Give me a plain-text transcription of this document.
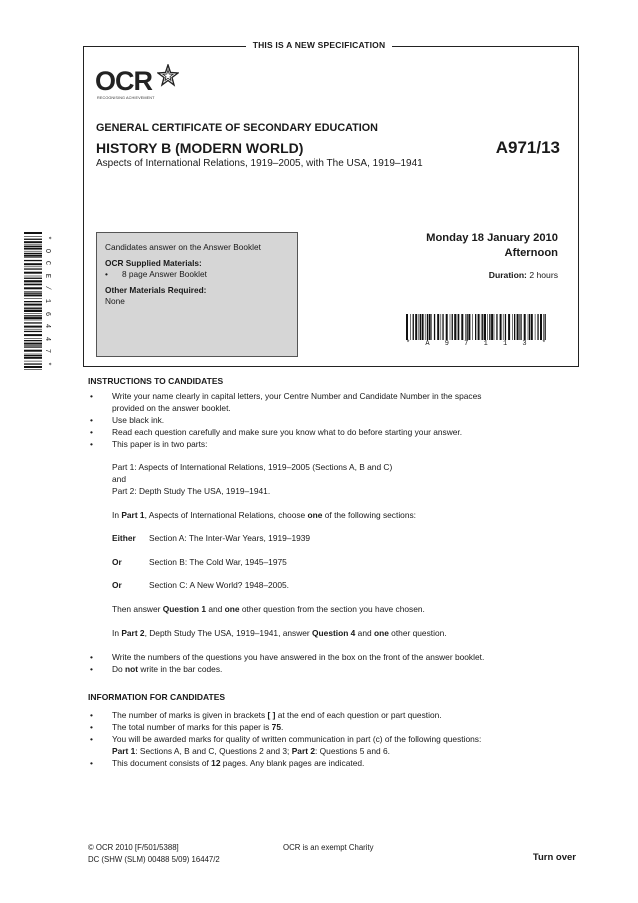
THIS IS A NEW SPECIFICATION
OCR
RECOGNISING ACHIEVEMENT
GENERAL CERTIFICATE OF SECONDARY EDUCATION
HISTORY B (MODERN WORLD)	A971/13
Aspects of International Relations, 1919–2005, with The USA, 1919–1941
Candidates answer on the Answer Booklet
OCR Supplied Materials:
•	8 page Answer Booklet
Other Materials Required:
None
Monday 18 January 2010
Afternoon
Duration: 2 hours
* A 9 7 1 1 3 *
*
O
C
E
/
1
6
4
4
7
*
INSTRUCTIONS TO CANDIDATES
• Write your name clearly in capital letters, your Centre Number and Candidate Number in the spaces
provided on the answer booklet.
• Use black ink.
• Read each question carefully and make sure you know what to do before starting your answer.
• This paper is in two parts:
Part 1: Aspects of International Relations, 1919–2005 (Sections A, B and C)
and
Part 2: Depth Study The USA, 1919–1941.
In Part 1, Aspects of International Relations, choose one of the following sections:
Either Section A: The Inter-War Years, 1919–1939
Or	Section B: The Cold War, 1945–1975
Or	Section C: A New World? 1948–2005.
Then answer Question 1 and one other question from the section you have chosen.
In Part 2, Depth Study The USA, 1919–1941, answer Question 4 and one other question.
• Write the numbers of the questions you have answered in the box on the front of the answer booklet.
• Do not write in the bar codes.
INFORMATION FOR CANDIDATES
• The number of marks is given in brackets [ ] at the end of each question or part question.
• The total number of marks for this paper is 75.
• You will be awarded marks for quality of written communication in part (c) of the following questions:
Part 1: Sections A, B and C, Questions 2 and 3; Part 2: Questions 5 and 6.
• This document consists of 12 pages. Any blank pages are indicated.
© OCR 2010 [F/501/5388]	OCR is an exempt Charity
DC (SHW (SLM) 00488 5/09) 16447/2	Turn over
